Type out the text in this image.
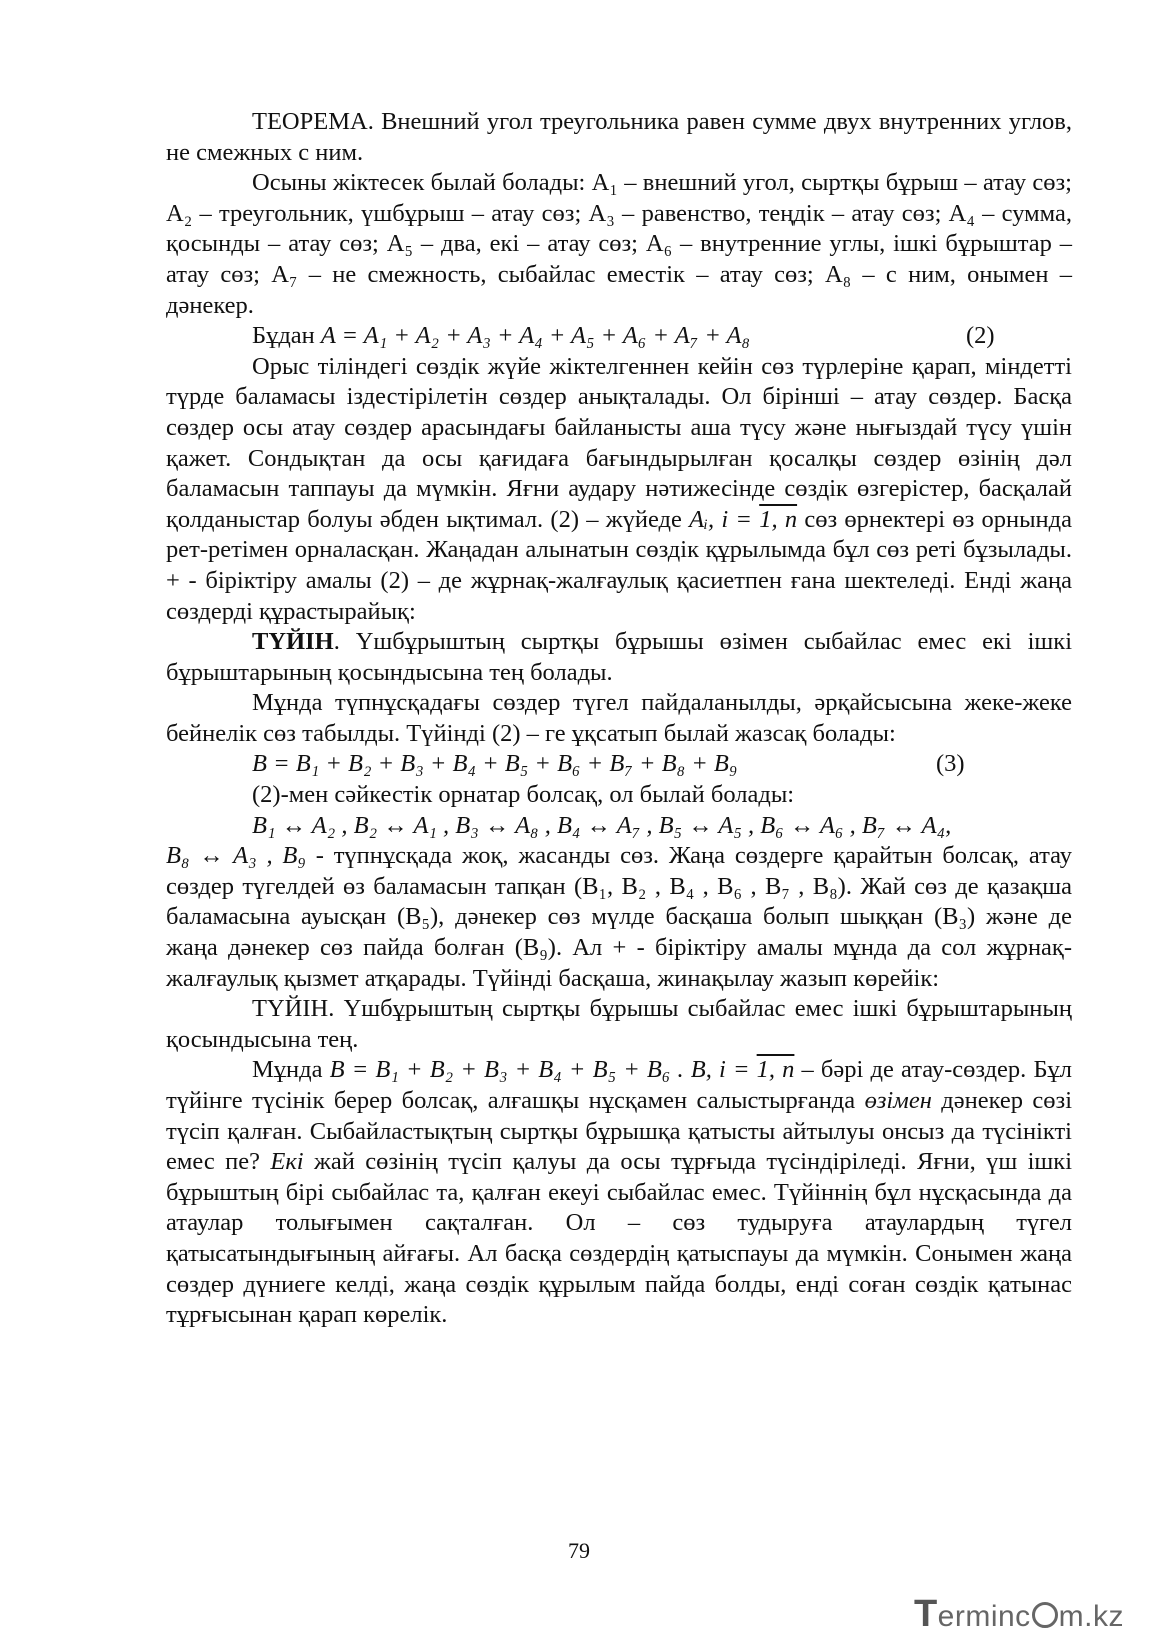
ТЕОРЕМА. Внешний угол треугольника равен сумме двух внутренних углов, не смежных с ним.

Осыны жіктесек былай болады: A₁ – внешний угол, сыртқы бұрыш – атау сөз; A₂ – треугольник, үшбұрыш – атау сөз; A₃ – равенство, теңдік – атау сөз; A₄ – сумма, қосынды – атау сөз; A₅ – два, екі – атау сөз; A₆ – внутренние углы, ішкі бұрыштар – атау сөз; A₇ – не смежность, сыбайлас еместік – атау сөз; A₈ – с ним, онымен – дәнекер.

Бұдан A = A₁ + A₂ + A₃ + A₄ + A₅ + A₆ + A₇ + A₈	(2)

Орыс тіліндегі сөздік жүйе жіктелгеннен кейін сөз түрлеріне қарап, міндетті түрде баламасы іздестірілетін сөздер анықталады. Ол бірінші – атау сөздер. Басқа сөздер осы атау сөздер арасындағы байланысты аша түсу және нығыздай түсу үшін қажет. Сондықтан да осы қағидаға бағындырылған қосалқы сөздер өзінің дәл баламасын таппауы да мүмкін. Яғни аудару нәтижесінде сөздік өзгерістер, басқалай қолданыстар болуы әбден ықтимал. (2) – жүйеде Aᵢ, i = 1, n сөз өрнектері өз орнында рет-ретімен орналасқан. Жаңадан алынатын сөздік құрылымда бұл сөз реті бұзылады. + - біріктіру амалы (2) – де жұрнақ-жалғаулық қасиетпен ғана шектеледі. Енді жаңа сөздерді құрастырайық:

ТҮЙІН. Үшбұрыштың сыртқы бұрышы өзімен сыбайлас емес екі ішкі бұрыштарының қосындысына тең болады.

Мұнда түпнұсқадағы сөздер түгел пайдаланылды, әрқайсысына жеке-жеке бейнелік сөз табылды. Түйінді (2) – ге ұқсатып былай жазсақ болады:

B = B₁ + B₂ + B₃ + B₄ + B₅ + B₆ + B₇ + B₈ + B₉	(3)

(2)-мен сәйкестік орнатар болсақ, ол былай болады:

B₁ ↔ A₂ , B₂ ↔ A₁ , B₃ ↔ A₈ , B₄ ↔ A₇ , B₅ ↔ A₅ , B₆ ↔ A₆ , B₇ ↔ A₄,

B₈ ↔ A₃ , B₉ - түпнұсқада жоқ, жасанды сөз. Жаңа сөздерге қарайтын болсақ, атау сөздер түгелдей өз баламасын тапқан (B₁, B₂ , B₄ , B₆ , B₇ , B₈). Жай сөз де қазақша баламасына ауысқан (B₅), дәнекер сөз мүлде басқаша болып шыққан (B₃) және де жаңа дәнекер сөз пайда болған (B₉). Ал + - біріктіру амалы мұнда да сол жұрнақ-жалғаулық қызмет атқарады. Түйінді басқаша, жинақылау жазып көрейік:

ТҮЙІН. Үшбұрыштың сыртқы бұрышы сыбайлас емес ішкі бұрыштарының қосындысына тең.

Мұнда B = B₁ + B₂ + B₃ + B₄ + B₅ + B₆ . B, i = 1, n – бәрі де атау-сөздер. Бұл түйінге түсінік берер болсақ, алғашқы нұсқамен салыстырғанда өзімен дәнекер сөзі түсіп қалған. Сыбайластықтың сыртқы бұрышқа қатысты айтылуы онсыз да түсінікті емес пе? Екі жай сөзінің түсіп қалуы да осы тұрғыда түсіндіріледі. Яғни, үш ішкі бұрыштың бірі сыбайлас та, қалған екеуі сыбайлас емес. Түйіннің бұл нұсқасында да атаулар толығымен сақталған. Ол – сөз тудыруға атаулардың түгел қатысатындығының айғағы. Ал басқа сөздердің қатыспауы да мүмкін. Сонымен жаңа сөздер дүниеге келді, жаңа сөздік құрылым пайда болды, енді соған сөздік қатынас тұрғысынан қарап көрелік.

79
Terminc m.kz
